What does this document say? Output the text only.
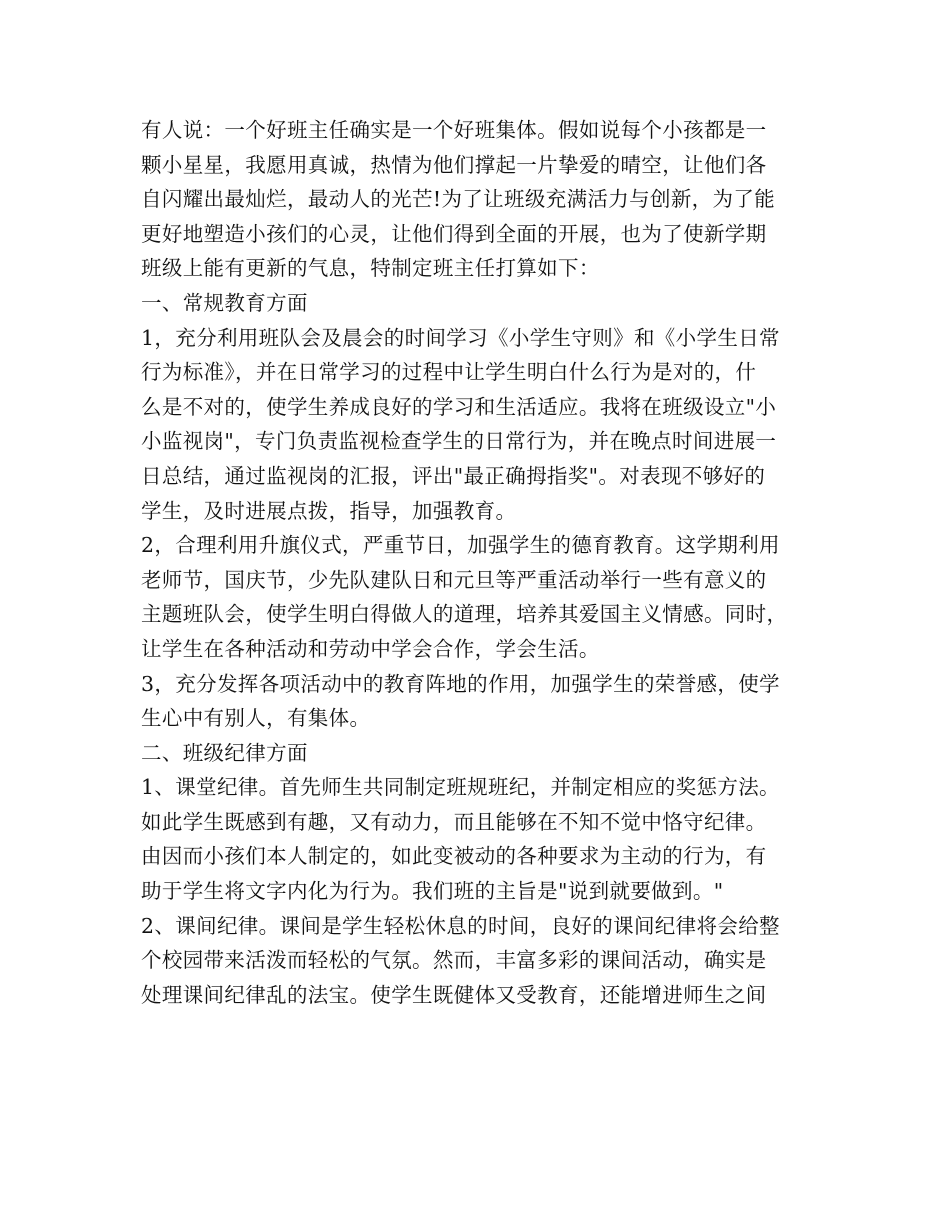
有人说：一个好班主任确实是一个好班集体。假如说每个小孩都是一
颗小星星，我愿用真诚，热情为他们撑起一片挚爱的晴空，让他们各
自闪耀出最灿烂，最动人的光芒!为了让班级充满活力与创新，为了能
更好地塑造小孩们的心灵，让他们得到全面的开展，也为了使新学期
班级上能有更新的气息，特制定班主任打算如下：
一、常规教育方面
1，充分利用班队会及晨会的时间学习《小学生守则》和《小学生日常
行为标准》，并在日常学习的过程中让学生明白什么行为是对的，什
么是不对的，使学生养成良好的学习和生活适应。我将在班级设立"小
小监视岗"，专门负责监视检查学生的日常行为，并在晚点时间进展一
日总结，通过监视岗的汇报，评出"最正确拇指奖"。对表现不够好的
学生，及时进展点拨，指导，加强教育。
2，合理利用升旗仪式，严重节日，加强学生的德育教育。这学期利用
老师节，国庆节，少先队建队日和元旦等严重活动举行一些有意义的
主题班队会，使学生明白得做人的道理，培养其爱国主义情感。同时，
让学生在各种活动和劳动中学会合作，学会生活。
3，充分发挥各项活动中的教育阵地的作用，加强学生的荣誉感，使学
生心中有别人，有集体。
二、班级纪律方面
1、课堂纪律。首先师生共同制定班规班纪，并制定相应的奖惩方法。
如此学生既感到有趣，又有动力，而且能够在不知不觉中恪守纪律。
由因而小孩们本人制定的，如此变被动的各种要求为主动的行为，有
助于学生将文字内化为行为。我们班的主旨是"说到就要做到。"
2、课间纪律。课间是学生轻松休息的时间，良好的课间纪律将会给整
个校园带来活泼而轻松的气氛。然而，丰富多彩的课间活动，确实是
处理课间纪律乱的法宝。使学生既健体又受教育，还能增进师生之间
